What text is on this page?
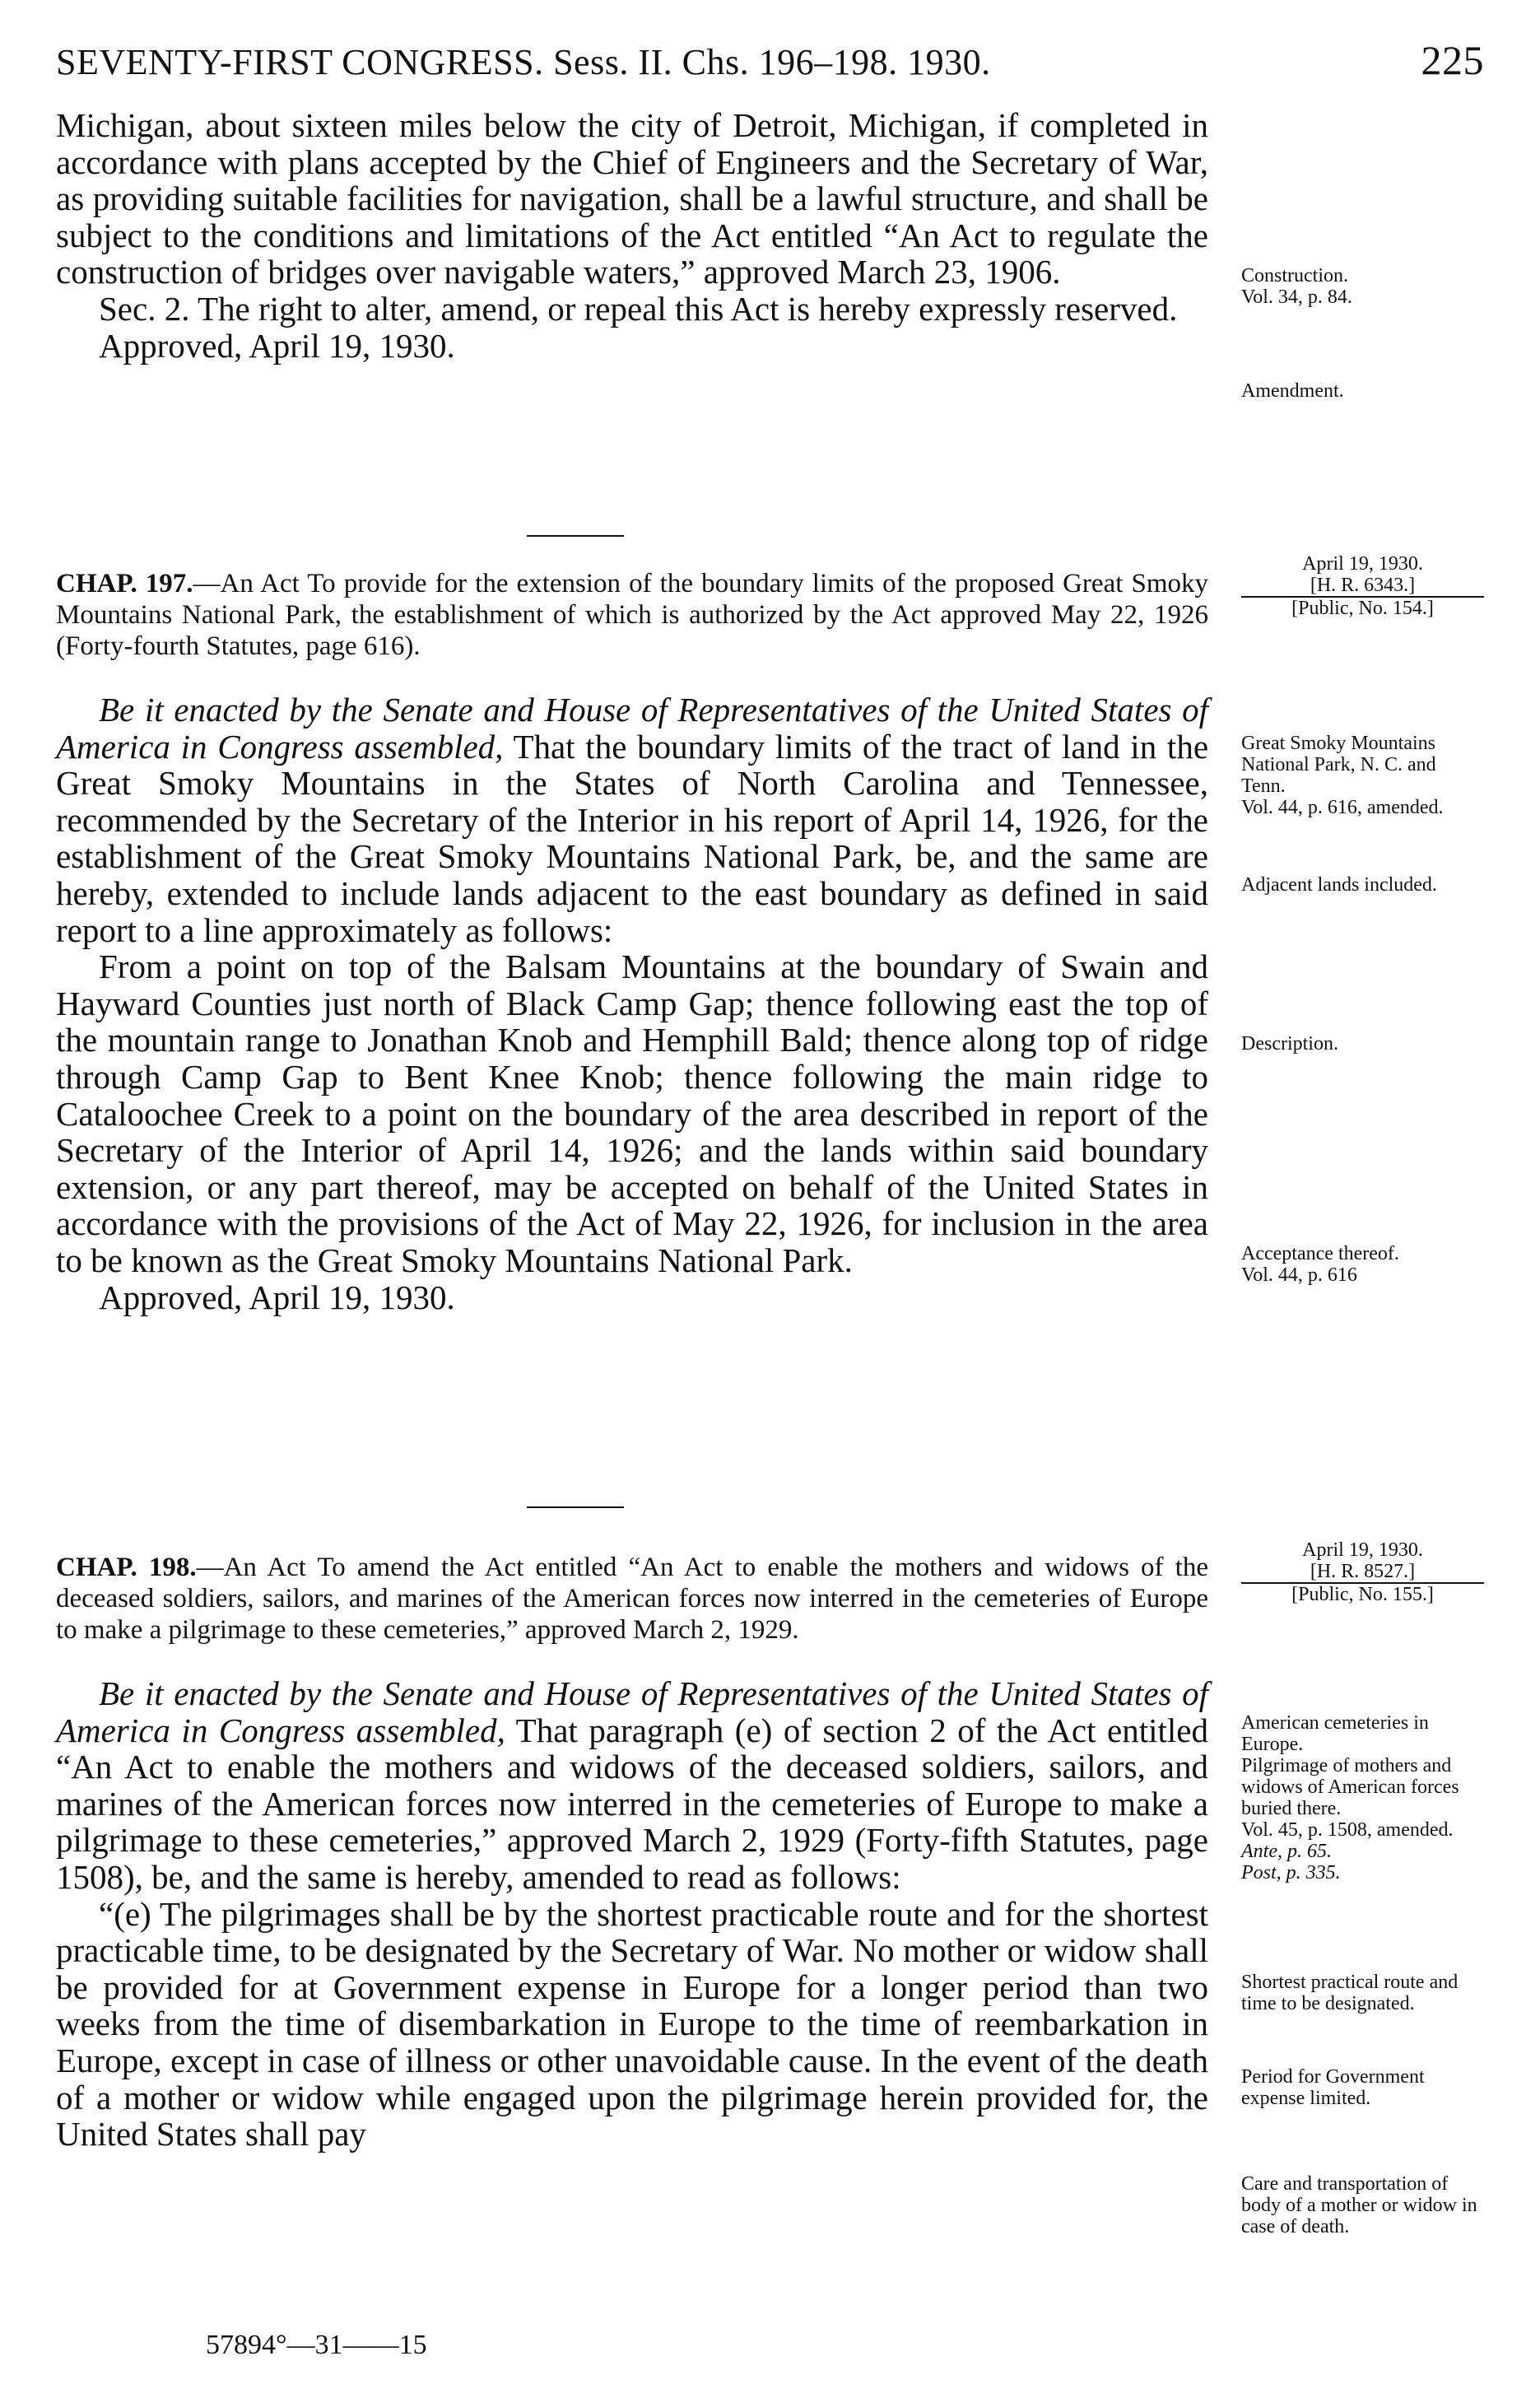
SEVENTY-FIRST CONGRESS. Sess. II. Chs. 196–198. 1930.	225

Michigan, about sixteen miles below the city of Detroit, Michigan, if completed in accordance with plans accepted by the Chief of Engineers and the Secretary of War, as providing suitable facilities for navigation, shall be a lawful structure, and shall be subject to the conditions and limitations of the Act entitled “An Act to regulate the construction of bridges over navigable waters,” approved March 23, 1906.

Sec. 2. The right to alter, amend, or repeal this Act is hereby expressly reserved.

Approved, April 19, 1930.

CHAP. 197.—An Act To provide for the extension of the boundary limits of the proposed Great Smoky Mountains National Park, the establishment of which is authorized by the Act approved May 22, 1926 (Forty-fourth Statutes, page 616).

Be it enacted by the Senate and House of Representatives of the United States of America in Congress assembled, That the boundary limits of the tract of land in the Great Smoky Mountains in the States of North Carolina and Tennessee, recommended by the Secretary of the Interior in his report of April 14, 1926, for the establishment of the Great Smoky Mountains National Park, be, and the same are hereby, extended to include lands adjacent to the east boundary as defined in said report to a line approximately as follows:

From a point on top of the Balsam Mountains at the boundary of Swain and Hayward Counties just north of Black Camp Gap; thence following east the top of the mountain range to Jonathan Knob and Hemphill Bald; thence along top of ridge through Camp Gap to Bent Knee Knob; thence following the main ridge to Cataloochee Creek to a point on the boundary of the area described in report of the Secretary of the Interior of April 14, 1926; and the lands within said boundary extension, or any part thereof, may be accepted on behalf of the United States in accordance with the provisions of the Act of May 22, 1926, for inclusion in the area to be known as the Great Smoky Mountains National Park.

Approved, April 19, 1930.

CHAP. 198.—An Act To amend the Act entitled “An Act to enable the mothers and widows of the deceased soldiers, sailors, and marines of the American forces now interred in the cemeteries of Europe to make a pilgrimage to these cemeteries,” approved March 2, 1929.

Be it enacted by the Senate and House of Representatives of the United States of America in Congress assembled, That paragraph (e) of section 2 of the Act entitled “An Act to enable the mothers and widows of the deceased soldiers, sailors, and marines of the American forces now interred in the cemeteries of Europe to make a pilgrimage to these cemeteries,” approved March 2, 1929 (Forty-fifth Statutes, page 1508), be, and the same is hereby, amended to read as follows:

“(e) The pilgrimages shall be by the shortest practicable route and for the shortest practicable time, to be designated by the Secretary of War. No mother or widow shall be provided for at Government expense in Europe for a longer period than two weeks from the time of disembarkation in Europe to the time of reembarkation in Europe, except in case of illness or other unavoidable cause. In the event of the death of a mother or widow while engaged upon the pilgrimage herein provided for, the United States shall pay

Construction.

Vol. 34, p. 84.

Amendment.

April 19, 1930.

[H. R. 6343.]

[Public, No. 154.]

Great Smoky Mountains National Park, N. C. and Tenn.

Vol. 44, p. 616, amended.

Adjacent lands included.

Description.

Acceptance thereof.

Vol. 44, p. 616

April 19, 1930.

[H. R. 8527.]

[Public, No. 155.]

American cemeteries in Europe.

Pilgrimage of mothers and widows of American forces buried there.

Vol. 45, p. 1508, amended.

Ante, p. 65.

Post, p. 335.

Shortest practical route and time to be designated.

Period for Government expense limited.

Care and transportation of body of a mother or widow in case of death.

57894°—31——15
